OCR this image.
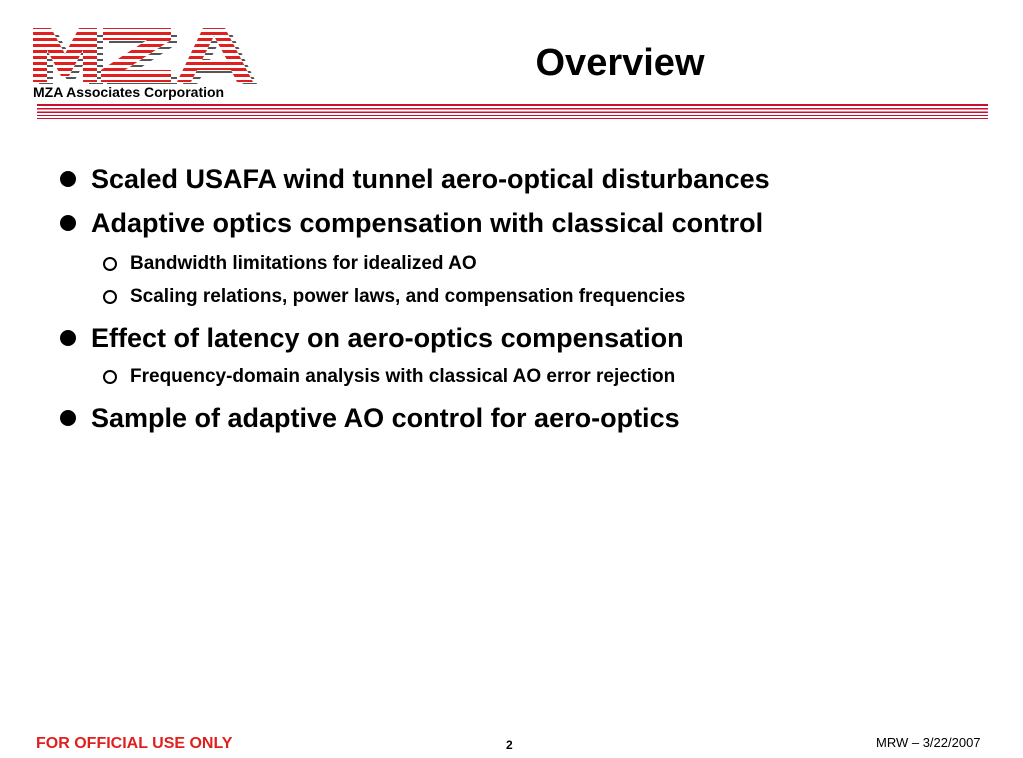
MZA Associates Corporation
Overview
Scaled USAFA wind tunnel aero-optical disturbances
Adaptive optics compensation with classical control
Bandwidth limitations for idealized AO
Scaling relations, power laws, and compensation frequencies
Effect of latency on aero-optics compensation
Frequency-domain analysis with classical AO error rejection
Sample of adaptive AO control for aero-optics
FOR OFFICIAL USE ONLY	2	MRW – 3/22/2007
